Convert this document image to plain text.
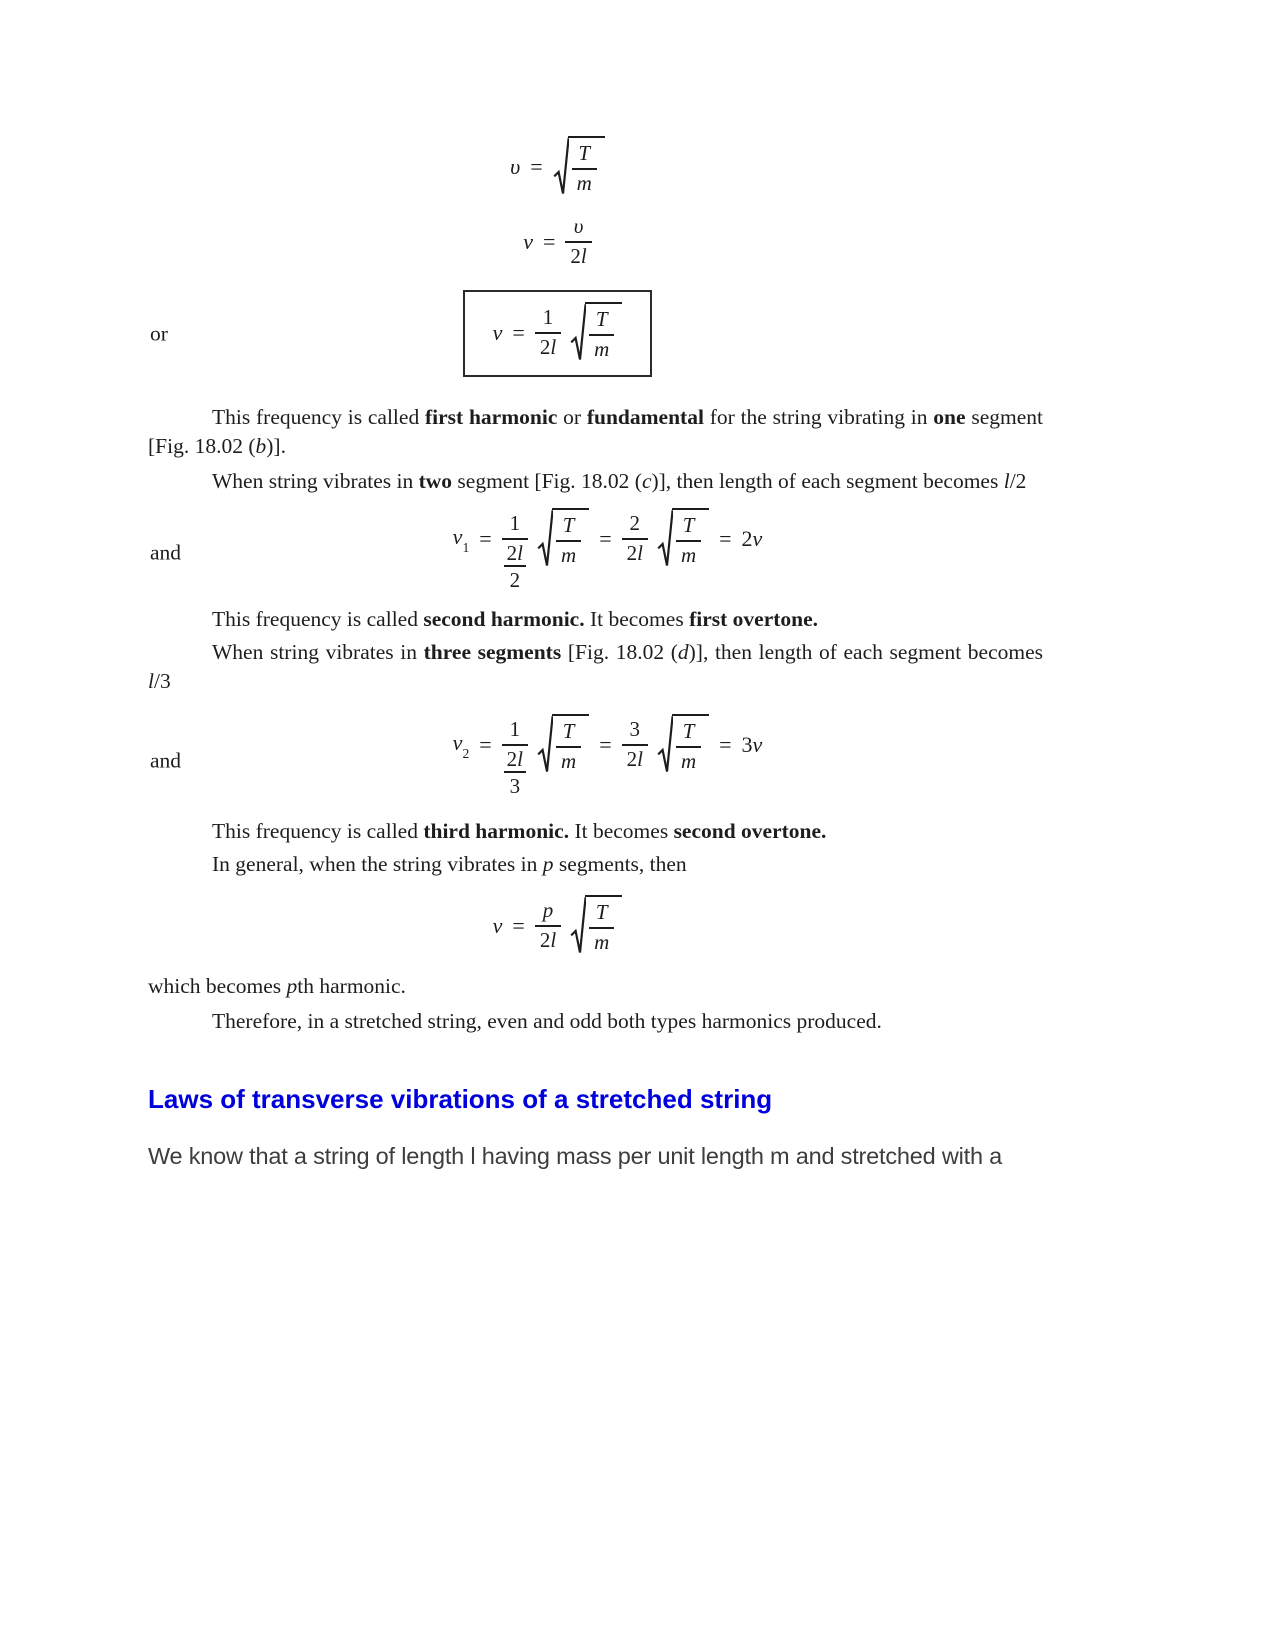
$\upsilon = \frac{T}{m}$
$\nu = \frac{\upsilon}{2l}$
or	$\nu = \frac{1}{2l} \frac{T}{m}$

This frequency is called first harmonic or fundamental for the string vibrating in one segment [Fig. 18.02 (b)].

When string vibrates in two segment [Fig. 18.02 (c)], then length of each segment becomes l/2

and
$\nu_1$ =
1
2l
2
$\frac{T}{m} = \frac{2}{2l} \frac{T}{m} = 2\nu$

This frequency is called second harmonic. It becomes first overtone.

When string vibrates in three segments [Fig. 18.02 (d)], then length of each segment becomes l/3

and
$\nu_2$ =
1
2l
3
$\frac{T}{m} = \frac{3}{2l} \frac{T}{m} = 3\nu$

This frequency is called third harmonic. It becomes second overtone.

In general, when the string vibrates in p segments, then

$\nu = \frac{p}{2l} \frac{T}{m}$

which becomes pth harmonic.

Therefore, in a stretched string, even and odd both types harmonics produced.

Laws of transverse vibrations of a stretched string

We know that a string of length l having mass per unit length m and stretched with a
